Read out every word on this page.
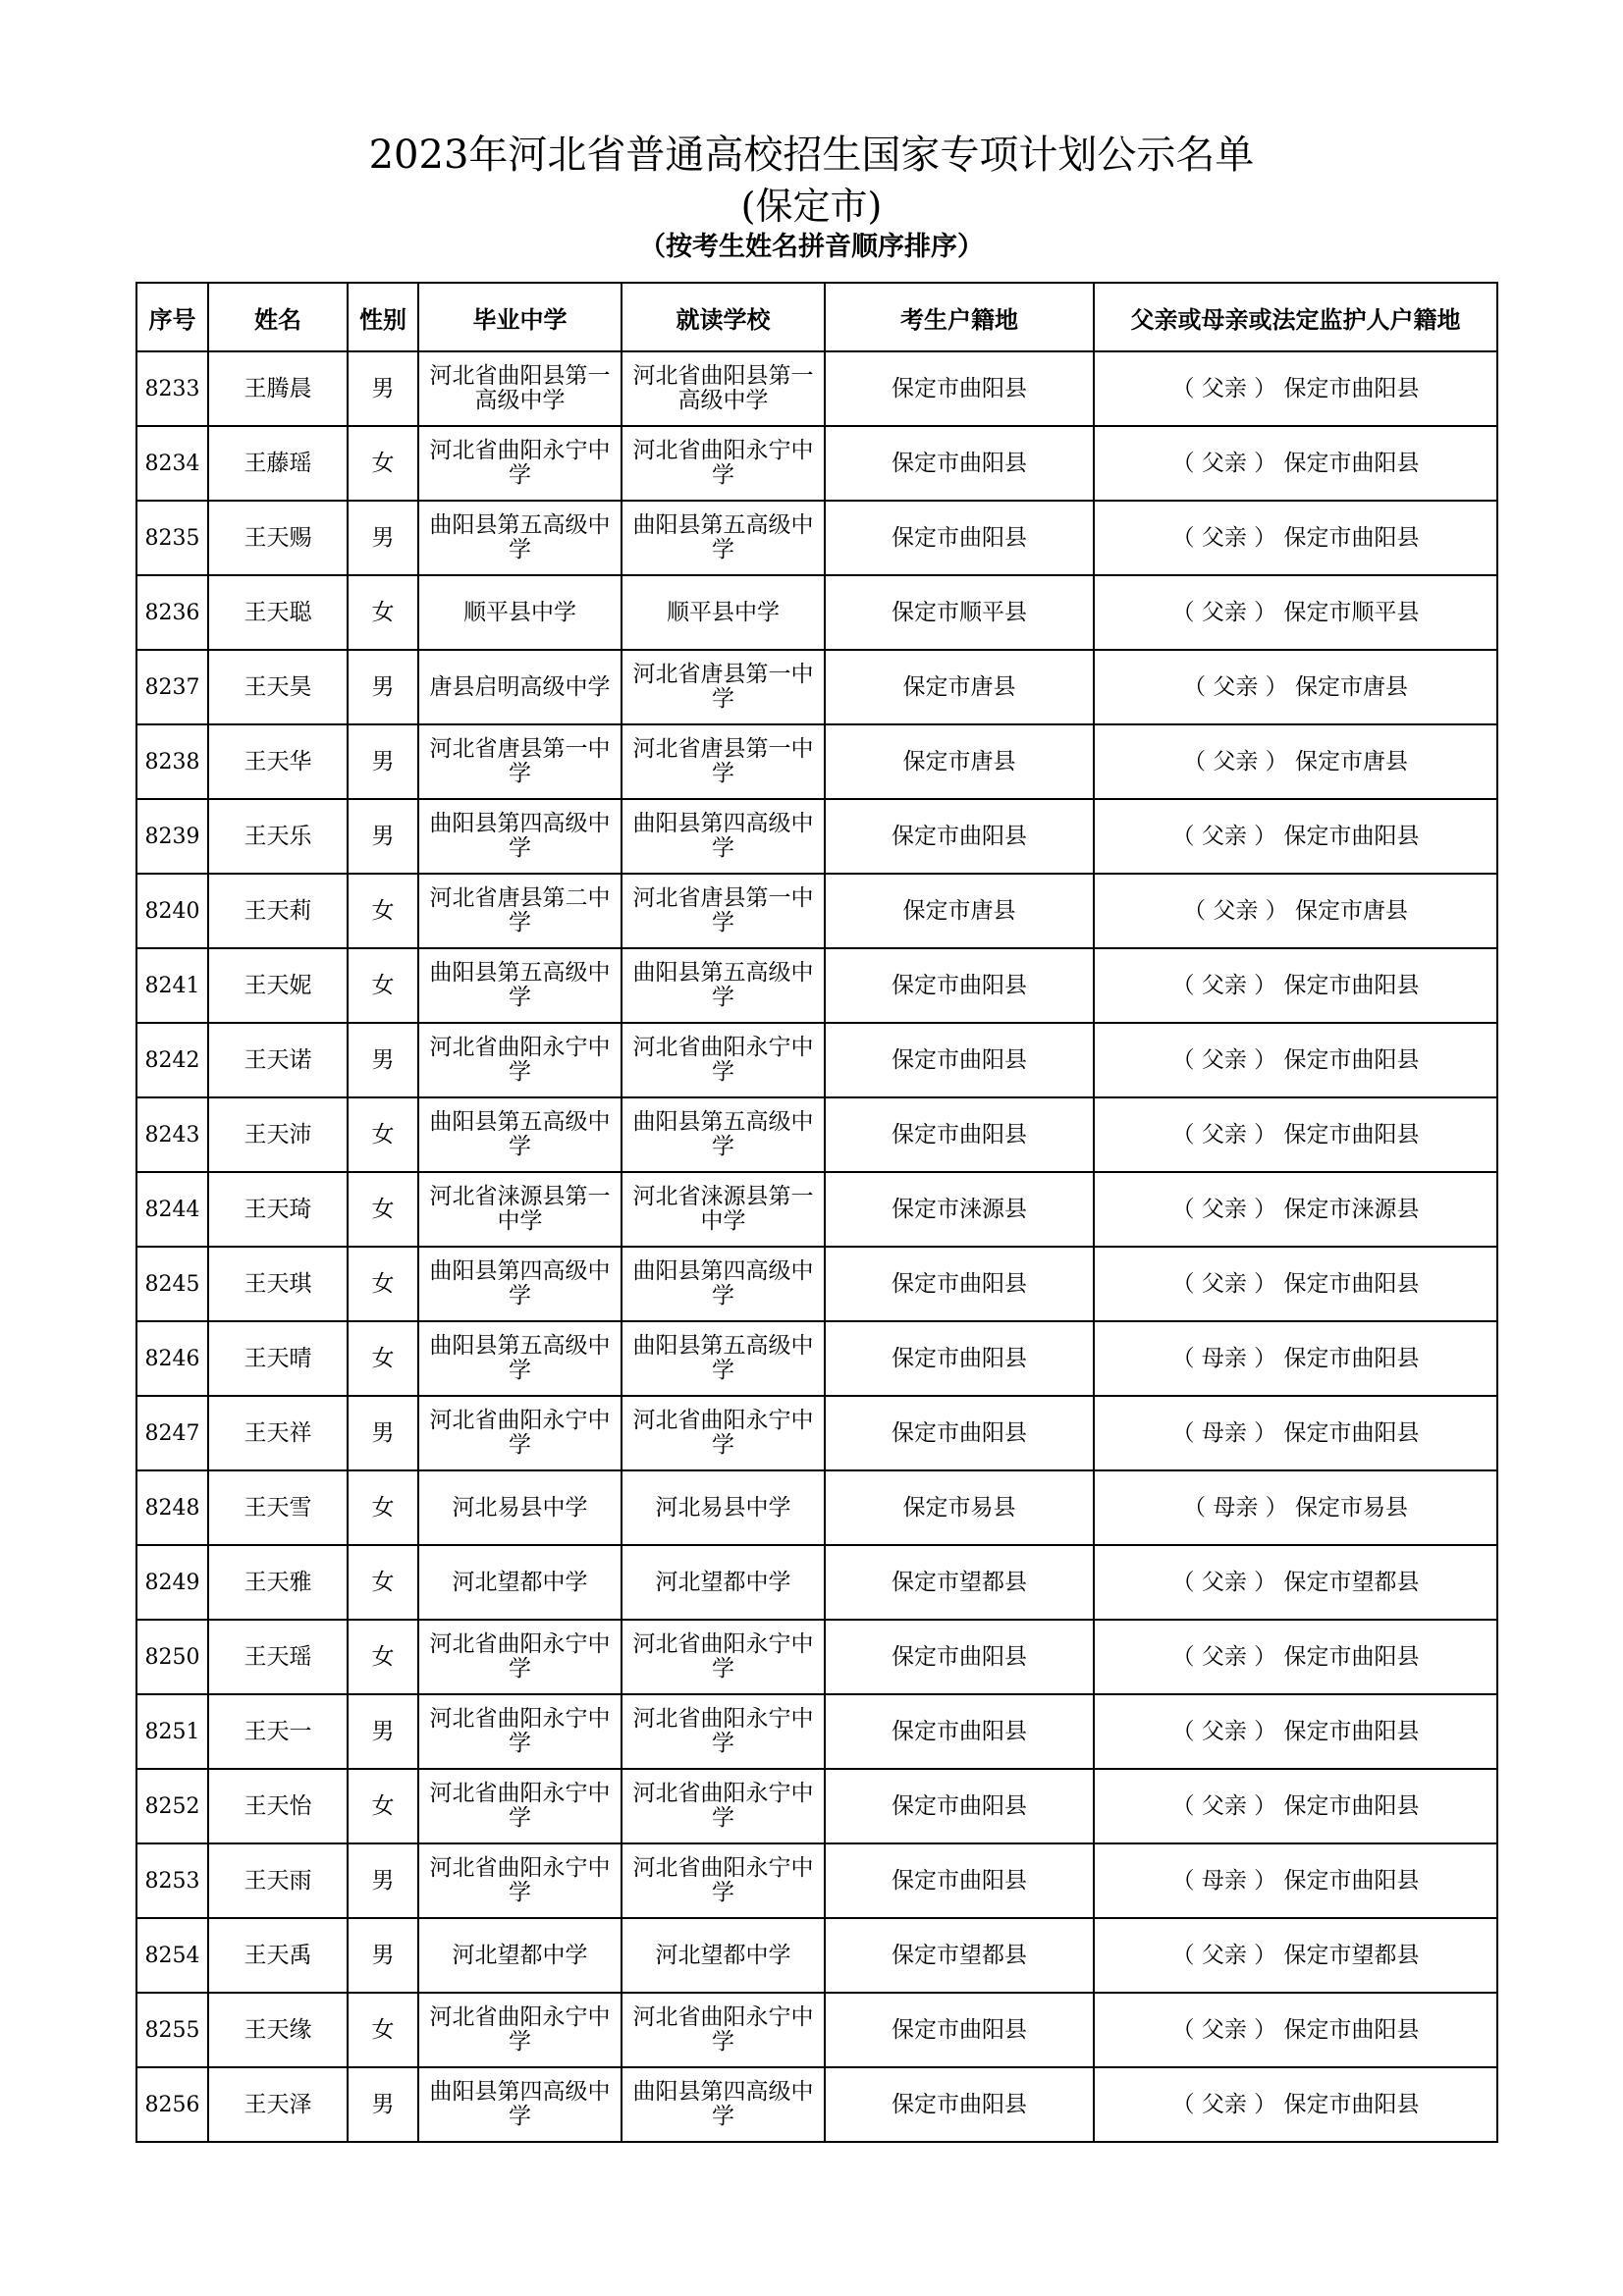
2023年河北省普通高校招生国家专项计划公示名单
(保定市)
（按考生姓名拼音顺序排序）
序号	姓名	性别	毕业中学	就读学校	考生户籍地	父亲或母亲或法定监护人户籍地
8233	王腾晨	男	河北省曲阳县第一高级中学	河北省曲阳县第一高级中学	保定市曲阳县	（ 父亲 ） 保定市曲阳县
8234	王藤瑶	女	河北省曲阳永宁中学	河北省曲阳永宁中学	保定市曲阳县	（ 父亲 ） 保定市曲阳县
8235	王天赐	男	曲阳县第五高级中学	曲阳县第五高级中学	保定市曲阳县	（ 父亲 ） 保定市曲阳县
8236	王天聪	女	顺平县中学	顺平县中学	保定市顺平县	（ 父亲 ） 保定市顺平县
8237	王天昊	男	唐县启明高级中学	河北省唐县第一中学	保定市唐县	（ 父亲 ） 保定市唐县
8238	王天华	男	河北省唐县第一中学	河北省唐县第一中学	保定市唐县	（ 父亲 ） 保定市唐县
8239	王天乐	男	曲阳县第四高级中学	曲阳县第四高级中学	保定市曲阳县	（ 父亲 ） 保定市曲阳县
8240	王天莉	女	河北省唐县第二中学	河北省唐县第一中学	保定市唐县	（ 父亲 ） 保定市唐县
8241	王天妮	女	曲阳县第五高级中学	曲阳县第五高级中学	保定市曲阳县	（ 父亲 ） 保定市曲阳县
8242	王天诺	男	河北省曲阳永宁中学	河北省曲阳永宁中学	保定市曲阳县	（ 父亲 ） 保定市曲阳县
8243	王天沛	女	曲阳县第五高级中学	曲阳县第五高级中学	保定市曲阳县	（ 父亲 ） 保定市曲阳县
8244	王天琦	女	河北省涞源县第一中学	河北省涞源县第一中学	保定市涞源县	（ 父亲 ） 保定市涞源县
8245	王天琪	女	曲阳县第四高级中学	曲阳县第四高级中学	保定市曲阳县	（ 父亲 ） 保定市曲阳县
8246	王天晴	女	曲阳县第五高级中学	曲阳县第五高级中学	保定市曲阳县	（ 母亲 ） 保定市曲阳县
8247	王天祥	男	河北省曲阳永宁中学	河北省曲阳永宁中学	保定市曲阳县	（ 母亲 ） 保定市曲阳县
8248	王天雪	女	河北易县中学	河北易县中学	保定市易县	（ 母亲 ） 保定市易县
8249	王天雅	女	河北望都中学	河北望都中学	保定市望都县	（ 父亲 ） 保定市望都县
8250	王天瑶	女	河北省曲阳永宁中学	河北省曲阳永宁中学	保定市曲阳县	（ 父亲 ） 保定市曲阳县
8251	王天一	男	河北省曲阳永宁中学	河北省曲阳永宁中学	保定市曲阳县	（ 父亲 ） 保定市曲阳县
8252	王天怡	女	河北省曲阳永宁中学	河北省曲阳永宁中学	保定市曲阳县	（ 父亲 ） 保定市曲阳县
8253	王天雨	男	河北省曲阳永宁中学	河北省曲阳永宁中学	保定市曲阳县	（ 母亲 ） 保定市曲阳县
8254	王天禹	男	河北望都中学	河北望都中学	保定市望都县	（ 父亲 ） 保定市望都县
8255	王天缘	女	河北省曲阳永宁中学	河北省曲阳永宁中学	保定市曲阳县	（ 父亲 ） 保定市曲阳县
8256	王天泽	男	曲阳县第四高级中学	曲阳县第四高级中学	保定市曲阳县	（ 父亲 ） 保定市曲阳县
